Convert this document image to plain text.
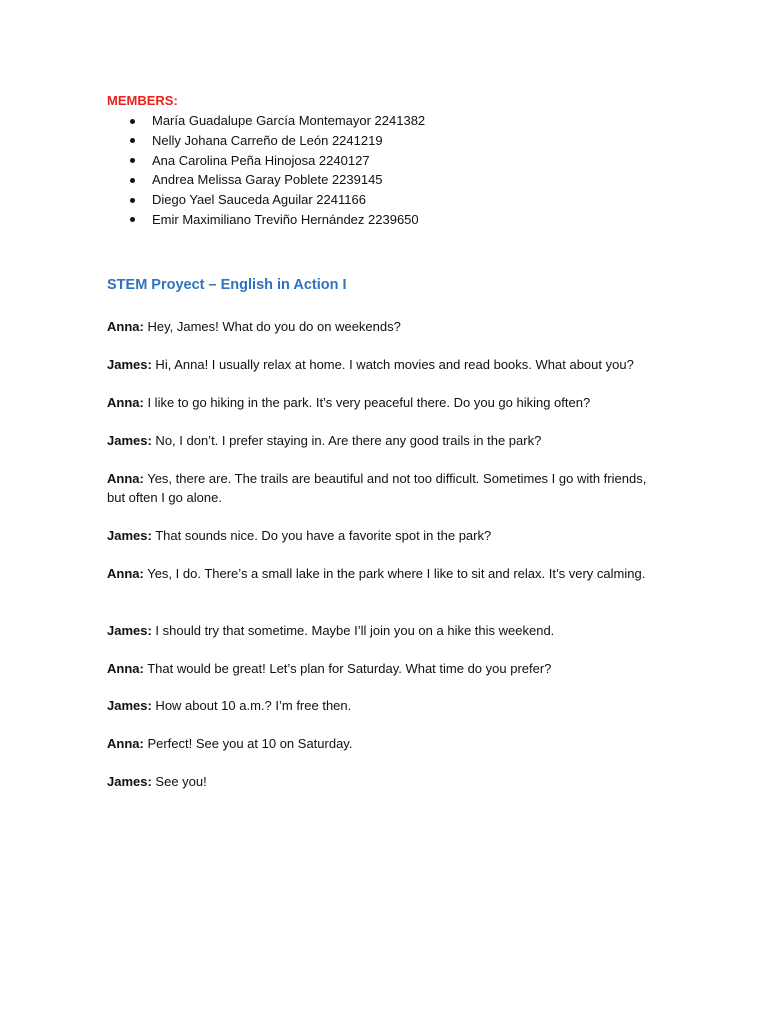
MEMBERS:
María Guadalupe García Montemayor 2241382
Nelly Johana Carreño de León 2241219
Ana Carolina Peña Hinojosa 2240127
Andrea Melissa Garay Poblete 2239145
Diego Yael Sauceda Aguilar 2241166
Emir Maximiliano Treviño Hernández 2239650
STEM Proyect – English in Action I

Anna: Hey, James! What do you do on weekends?

James: Hi, Anna! I usually relax at home. I watch movies and read books. What about you?

Anna: I like to go hiking in the park. It’s very peaceful there. Do you go hiking often?

James: No, I don’t. I prefer staying in. Are there any good trails in the park?

Anna: Yes, there are. The trails are beautiful and not too difficult. Sometimes I go with friends, but often I go alone.

James: That sounds nice. Do you have a favorite spot in the park?

Anna: Yes, I do. There’s a small lake in the park where I like to sit and relax. It’s very calming.

James: I should try that sometime. Maybe I’ll join you on a hike this weekend.

Anna: That would be great! Let’s plan for Saturday. What time do you prefer?

James: How about 10 a.m.? I’m free then.

Anna: Perfect! See you at 10 on Saturday.

James: See you!
